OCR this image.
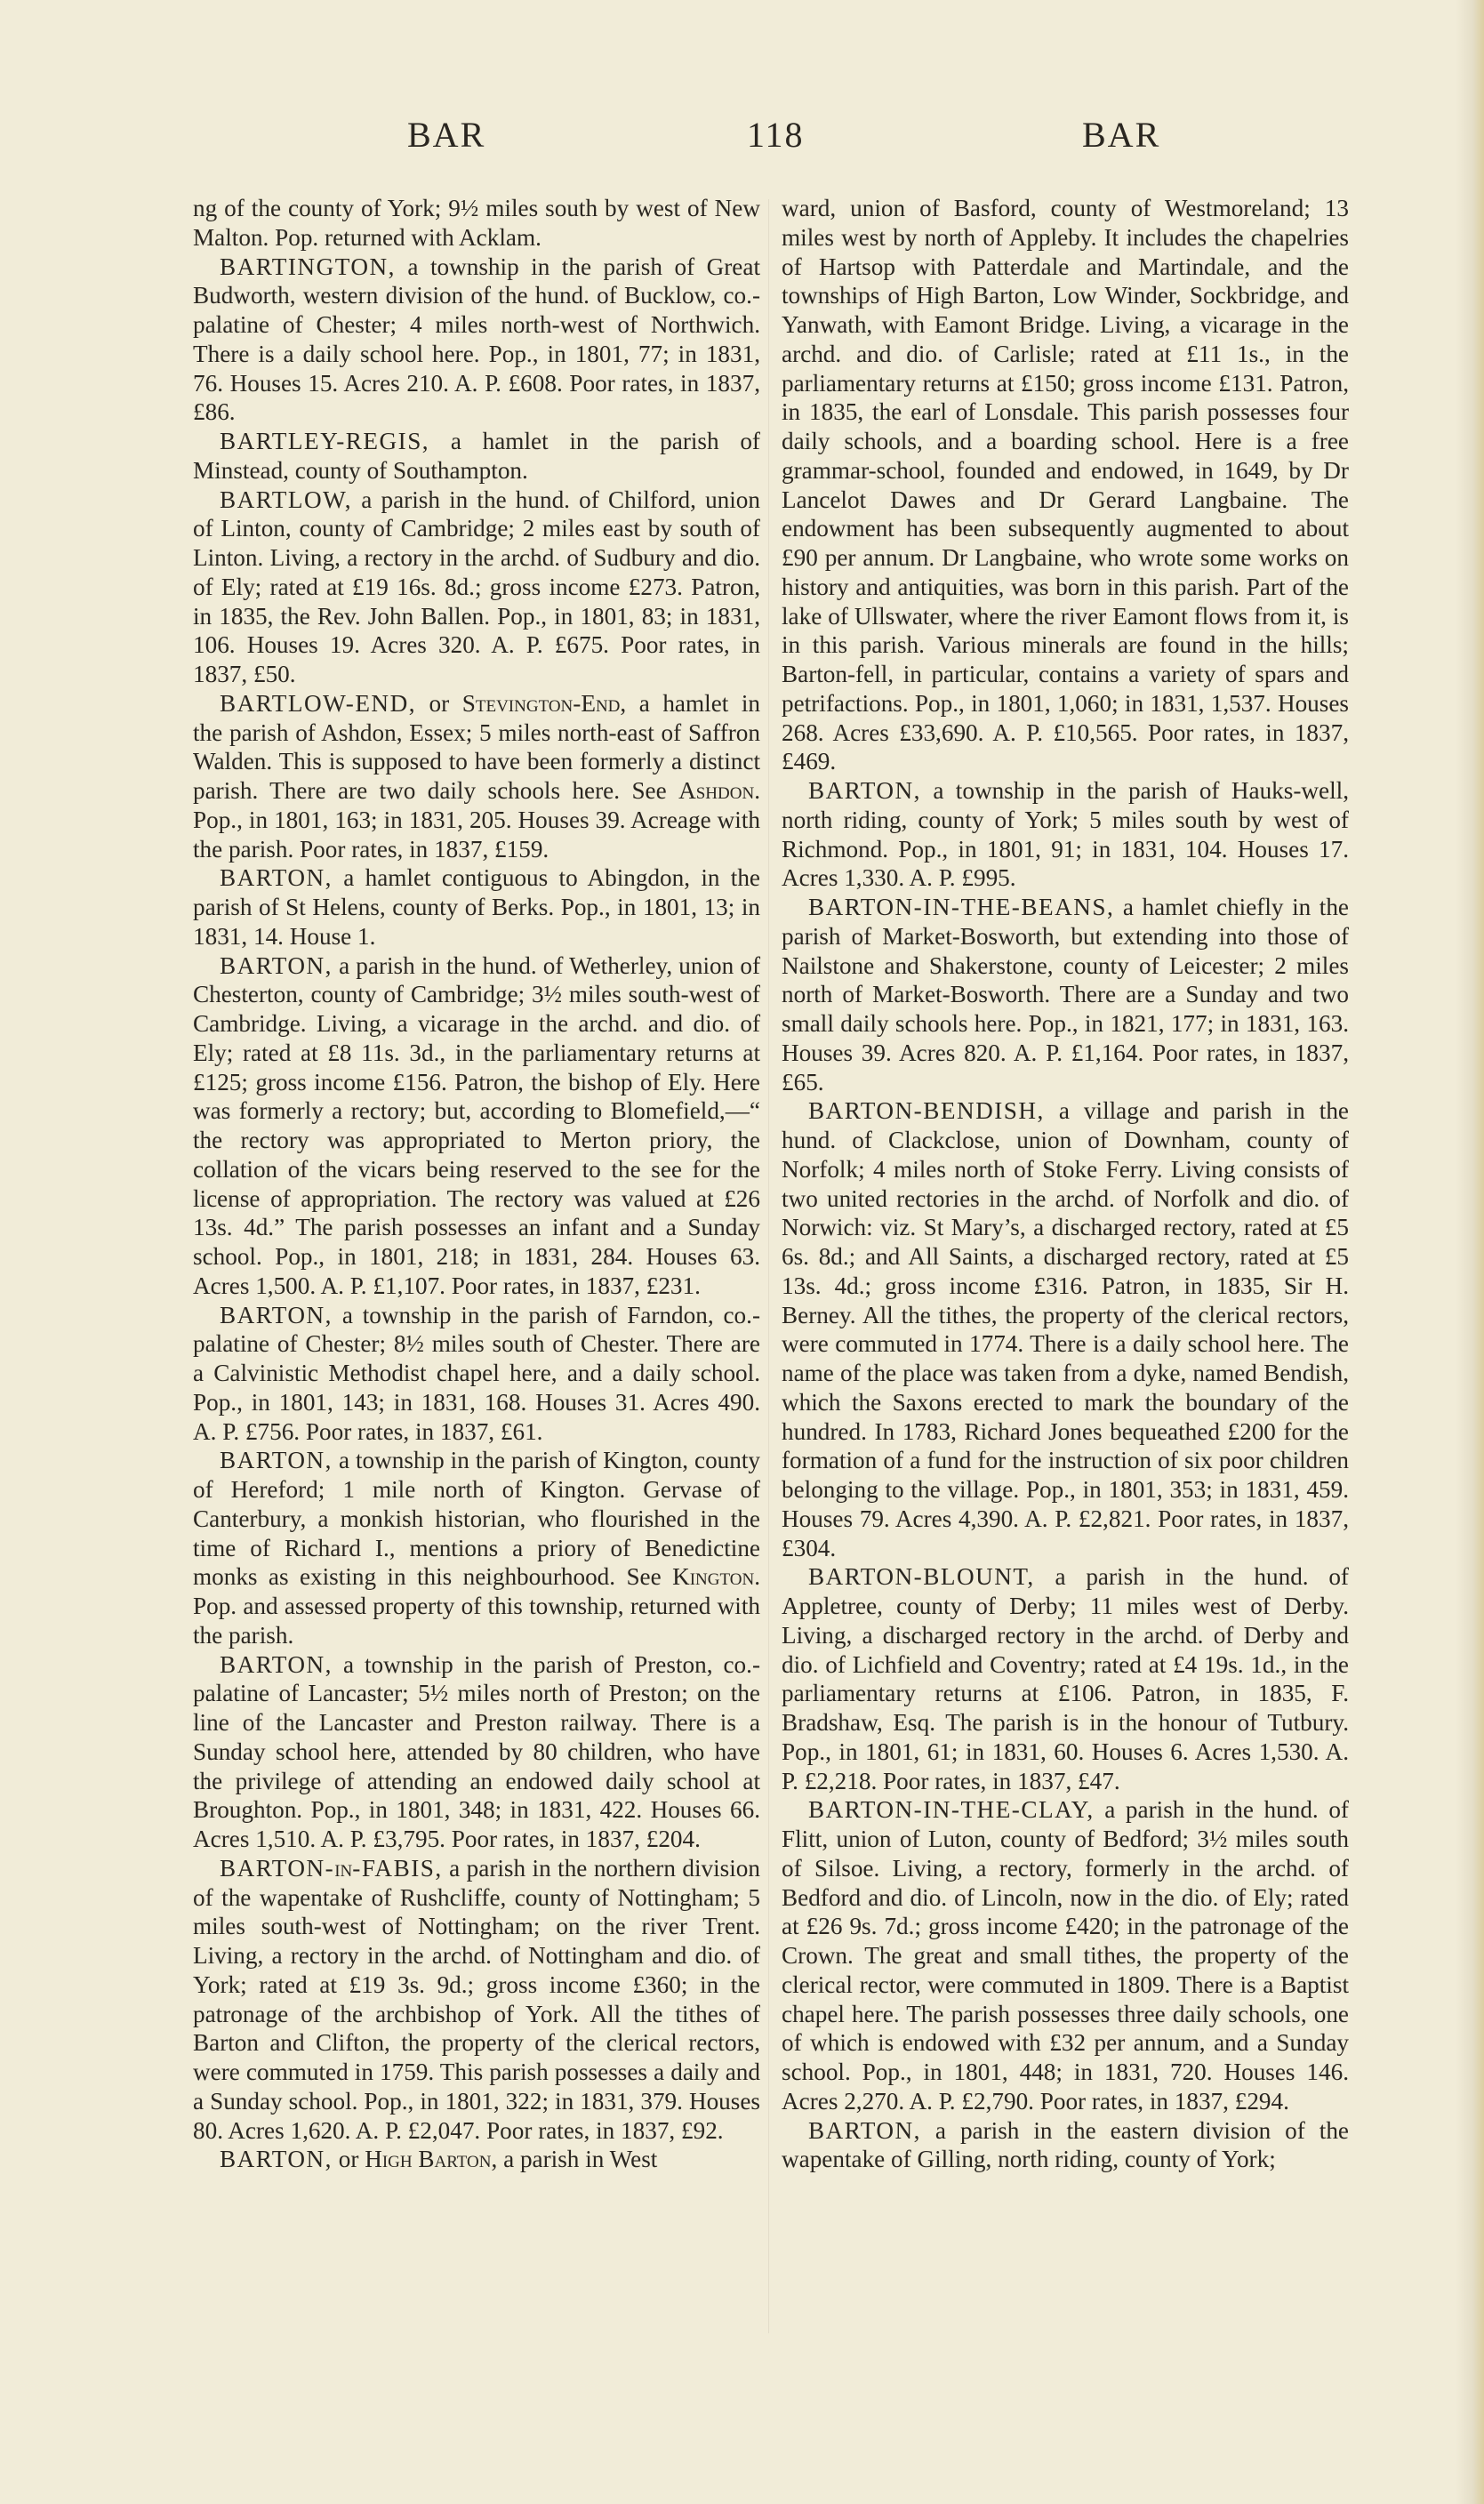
BAR	118	BAR

ng of the county of York; 9½ miles south by west of New Malton. Pop. returned with Acklam.

BARTINGTON, a township in the parish of Great Budworth, western division of the hund. of Bucklow, co.-palatine of Chester; 4 miles north-west of Northwich. There is a daily school here. Pop., in 1801, 77; in 1831, 76. Houses 15. Acres 210. A. P. £608. Poor rates, in 1837, £86.

BARTLEY-REGIS, a hamlet in the parish of Minstead, county of Southampton.

BARTLOW, a parish in the hund. of Chilford, union of Linton, county of Cambridge; 2 miles east by south of Linton. Living, a rectory in the archd. of Sudbury and dio. of Ely; rated at £19 16s. 8d.; gross income £273. Patron, in 1835, the Rev. John Ballen. Pop., in 1801, 83; in 1831, 106. Houses 19. Acres 320. A. P. £675. Poor rates, in 1837, £50.

BARTLOW-END, or Stevington-End, a hamlet in the parish of Ashdon, Essex; 5 miles north-east of Saffron Walden. This is supposed to have been formerly a distinct parish. There are two daily schools here. See Ashdon. Pop., in 1801, 163; in 1831, 205. Houses 39. Acreage with the parish. Poor rates, in 1837, £159.

BARTON, a hamlet contiguous to Abingdon, in the parish of St Helens, county of Berks. Pop., in 1801, 13; in 1831, 14. House 1.

BARTON, a parish in the hund. of Wetherley, union of Chesterton, county of Cambridge; 3½ miles south-west of Cambridge. Living, a vicarage in the archd. and dio. of Ely; rated at £8 11s. 3d., in the parliamentary returns at £125; gross income £156. Patron, the bishop of Ely. Here was formerly a rectory; but, according to Blomefield,—“ the rectory was appropriated to Merton priory, the collation of the vicars being reserved to the see for the license of appropriation. The rectory was valued at £26 13s. 4d.” The parish possesses an infant and a Sunday school. Pop., in 1801, 218; in 1831, 284. Houses 63. Acres 1,500. A. P. £1,107. Poor rates, in 1837, £231.

BARTON, a township in the parish of Farndon, co.-palatine of Chester; 8½ miles south of Chester. There are a Calvinistic Methodist chapel here, and a daily school. Pop., in 1801, 143; in 1831, 168. Houses 31. Acres 490. A. P. £756. Poor rates, in 1837, £61.

BARTON, a township in the parish of Kington, county of Hereford; 1 mile north of Kington. Gervase of Canterbury, a monkish historian, who flourished in the time of Richard I., mentions a priory of Benedictine monks as existing in this neighbourhood. See Kington. Pop. and assessed property of this township, returned with the parish.

BARTON, a township in the parish of Preston, co.-palatine of Lancaster; 5½ miles north of Preston; on the line of the Lancaster and Preston railway. There is a Sunday school here, attended by 80 children, who have the privilege of attending an endowed daily school at Broughton. Pop., in 1801, 348; in 1831, 422. Houses 66. Acres 1,510. A. P. £3,795. Poor rates, in 1837, £204.

BARTON-in-FABIS, a parish in the northern division of the wapentake of Rushcliffe, county of Nottingham; 5 miles south-west of Nottingham; on the river Trent. Living, a rectory in the archd. of Nottingham and dio. of York; rated at £19 3s. 9d.; gross income £360; in the patronage of the archbishop of York. All the tithes of Barton and Clifton, the property of the clerical rectors, were commuted in 1759. This parish possesses a daily and a Sunday school. Pop., in 1801, 322; in 1831, 379. Houses 80. Acres 1,620. A. P. £2,047. Poor rates, in 1837, £92.

BARTON, or High Barton, a parish in West

ward, union of Basford, county of Westmoreland; 13 miles west by north of Appleby. It includes the chapelries of Hartsop with Patterdale and Martindale, and the townships of High Barton, Low Winder, Sockbridge, and Yanwath, with Eamont Bridge. Living, a vicarage in the archd. and dio. of Carlisle; rated at £11 1s., in the parliamentary returns at £150; gross income £131. Patron, in 1835, the earl of Lonsdale. This parish possesses four daily schools, and a boarding school. Here is a free grammar-school, founded and endowed, in 1649, by Dr Lancelot Dawes and Dr Gerard Langbaine. The endowment has been subsequently augmented to about £90 per annum. Dr Langbaine, who wrote some works on history and antiquities, was born in this parish. Part of the lake of Ullswater, where the river Eamont flows from it, is in this parish. Various minerals are found in the hills; Barton-fell, in particular, contains a variety of spars and petrifactions. Pop., in 1801, 1,060; in 1831, 1,537. Houses 268. Acres £33,690. A. P. £10,565. Poor rates, in 1837, £469.

BARTON, a township in the parish of Hauks-well, north riding, county of York; 5 miles south by west of Richmond. Pop., in 1801, 91; in 1831, 104. Houses 17. Acres 1,330. A. P. £995.

BARTON-IN-THE-BEANS, a hamlet chiefly in the parish of Market-Bosworth, but extending into those of Nailstone and Shakerstone, county of Leicester; 2 miles north of Market-Bosworth. There are a Sunday and two small daily schools here. Pop., in 1821, 177; in 1831, 163. Houses 39. Acres 820. A. P. £1,164. Poor rates, in 1837, £65.

BARTON-BENDISH, a village and parish in the hund. of Clackclose, union of Downham, county of Norfolk; 4 miles north of Stoke Ferry. Living consists of two united rectories in the archd. of Norfolk and dio. of Norwich: viz. St Mary’s, a discharged rectory, rated at £5 6s. 8d.; and All Saints, a discharged rectory, rated at £5 13s. 4d.; gross income £316. Patron, in 1835, Sir H. Berney. All the tithes, the property of the clerical rectors, were commuted in 1774. There is a daily school here. The name of the place was taken from a dyke, named Bendish, which the Saxons erected to mark the boundary of the hundred. In 1783, Richard Jones bequeathed £200 for the formation of a fund for the instruction of six poor children belonging to the village. Pop., in 1801, 353; in 1831, 459. Houses 79. Acres 4,390. A. P. £2,821. Poor rates, in 1837, £304.

BARTON-BLOUNT, a parish in the hund. of Appletree, county of Derby; 11 miles west of Derby. Living, a discharged rectory in the archd. of Derby and dio. of Lichfield and Coventry; rated at £4 19s. 1d., in the parliamentary returns at £106. Patron, in 1835, F. Bradshaw, Esq. The parish is in the honour of Tutbury. Pop., in 1801, 61; in 1831, 60. Houses 6. Acres 1,530. A. P. £2,218. Poor rates, in 1837, £47.

BARTON-IN-THE-CLAY, a parish in the hund. of Flitt, union of Luton, county of Bedford; 3½ miles south of Silsoe. Living, a rectory, formerly in the archd. of Bedford and dio. of Lincoln, now in the dio. of Ely; rated at £26 9s. 7d.; gross income £420; in the patronage of the Crown. The great and small tithes, the property of the clerical rector, were commuted in 1809. There is a Baptist chapel here. The parish possesses three daily schools, one of which is endowed with £32 per annum, and a Sunday school. Pop., in 1801, 448; in 1831, 720. Houses 146. Acres 2,270. A. P. £2,790. Poor rates, in 1837, £294.

BARTON, a parish in the eastern division of the wapentake of Gilling, north riding, county of York;
